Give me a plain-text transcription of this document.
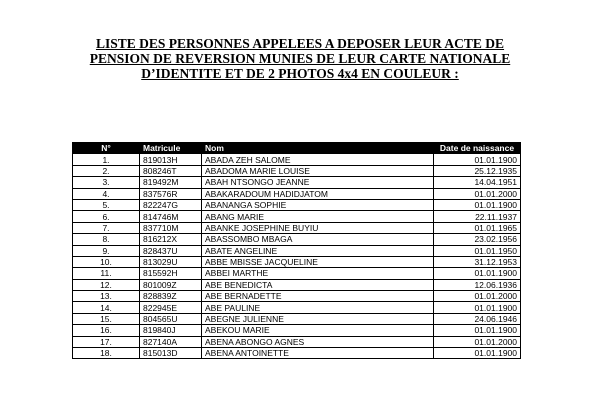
LISTE DES PERSONNES APPELEES A DEPOSER LEUR ACTE DE
PENSION DE REVERSION MUNIES DE LEUR CARTE NATIONALE
D’IDENTITE ET DE 2 PHOTOS 4x4 EN COULEUR :
N°	Matricule	Nom	Date de naissance
1.	819013H	ABADA ZEH SALOME	01.01.1900
2.	808246T	ABADOMA MARIE LOUISE	25.12.1935
3.	819492M	ABAH NTSONGO JEANNE	14.04.1951
4.	837576R	ABAKARADOUM HADIDJATOM	01.01.2000
5.	822247G	ABANANGA SOPHIE	01.01.1900
6.	814746M	ABANG MARIE	22.11.1937
7.	837710M	ABANKE JOSEPHINE BUYIU	01.01.1965
8.	816212X	ABASSOMBO MBAGA	23.02.1956
9.	828437U	ABATE ANGELINE	01.01.1950
10.	813029U	ABBE MBISSE JACQUELINE	31.12.1953
11.	815592H	ABBEI MARTHE	01.01.1900
12.	801009Z	ABE BENEDICTA	12.06.1936
13.	828839Z	ABE BERNADETTE	01.01.2000
14.	822945E	ABE PAULINE	01.01.1900
15.	804565U	ABEGNE JULIENNE	24.06.1946
16.	819840J	ABEKOU MARIE	01.01.1900
17.	827140A	ABENA ABONGO AGNES	01.01.2000
18.	815013D	ABENA ANTOINETTE	01.01.1900
